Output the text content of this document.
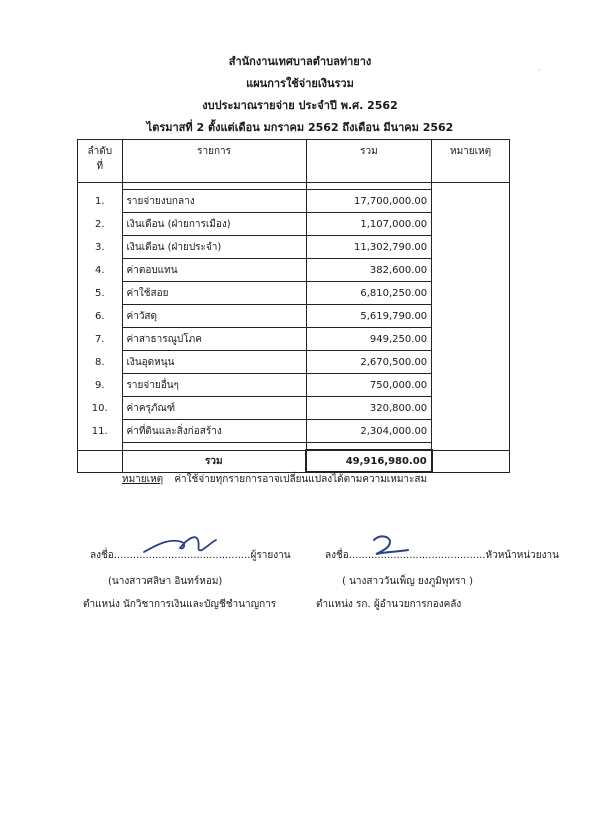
สำนักงานเทศบาลตำบลท่ายาง
แผนการใช้จ่ายเงินรวม
งบประมาณรายจ่าย ประจำปี พ.ศ. 2562
ไตรมาสที่ 2 ตั้งแต่เดือน มกราคม 2562 ถึงเดือน มีนาคม 2562
·
ลำดับ
ที่	รายการ	รวม	หมายเหตุ

1.	รายจ่ายงบกลาง	17,700,000.00	
2.	เงินเดือน (ฝ่ายการเมือง)	1,107,000.00	
3.	เงินเดือน (ฝ่ายประจำ)	11,302,790.00	
4.	ค่าตอบแทน	382,600.00	
5.	ค่าใช้สอย	6,810,250.00	
6.	ค่าวัสดุ	5,619,790.00	
7.	ค่าสาธารณูปโภค	949,250.00	
8.	เงินอุดหนุน	2,670,500.00	
9.	รายจ่ายอื่นๆ	750,000.00	
10.	ค่าครุภัณฑ์	320,800.00	
11.	ค่าที่ดินและสิ่งก่อสร้าง	2,304,000.00	

	รวม	49,916,980.00	
หมายเหตุ ค่าใช้จ่ายทุกรายการอาจเปลี่ยนแปลงได้ตามความเหมาะสม
ลงชื่อ...........................................ผู้รายงาน
(นางสาวศลิษา อินทร์หอม)
ตำแหน่ง นักวิชาการเงินและบัญชีชำนาญการ
ลงชื่อ...........................................หัวหน้าหน่วยงาน
( นางสาววันเพ็ญ ยงภูมิพุทรา )
ตำแหน่ง รก. ผู้อำนวยการกองคลัง
